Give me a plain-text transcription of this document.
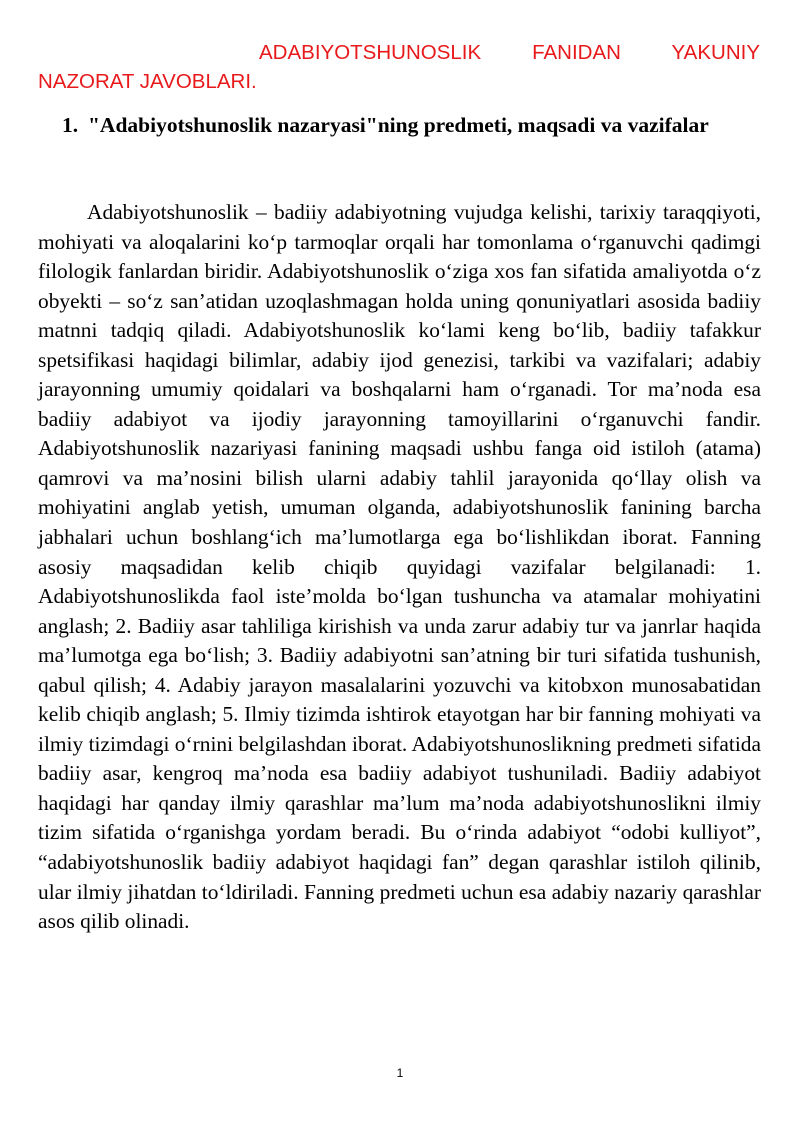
ADABIYOTSHUNOSLIK FANIDAN YAKUNIY NAZORAT JAVOBLARI.

1. "Adabiyotshunoslik nazaryasi"ning predmeti, maqsadi va vazifalar

Adabiyotshunoslik – badiiy adabiyotning vujudga kelishi, tarixiy taraqqiyoti, mohiyati va aloqalarini ko‘p tarmoqlar orqali har tomonlama o‘rganuvchi qadimgi filologik fanlardan biridir. Adabiyotshunoslik o‘ziga xos fan sifatida amaliyotda o‘z obyekti – so‘z san’atidan uzoqlashmagan holda uning qonuniyatlari asosida badiiy matnni tadqiq qiladi. Adabiyotshunoslik ko‘lami keng bo‘lib, badiiy tafakkur spetsifikasi haqidagi bilimlar, adabiy ijod genezisi, tarkibi va vazifalari; adabiy jarayonning umumiy qoidalari va boshqalarni ham o‘rganadi. Tor ma’noda esa badiiy adabiyot va ijodiy jarayonning tamoyillarini o‘rganuvchi fandir. Adabiyotshunoslik nazariyasi fanining maqsadi ushbu fanga oid istiloh (atama) qamrovi va ma’nosini bilish ularni adabiy tahlil jarayonida qo‘llay olish va mohiyatini anglab yetish, umuman olganda, adabiyotshunoslik fanining barcha jabhalari uchun boshlang‘ich ma’lumotlarga ega bo‘lishlikdan iborat. Fanning asosiy maqsadidan kelib chiqib quyidagi vazifalar belgilanadi: 1. Adabiyotshunoslikda faol iste’molda bo‘lgan tushuncha va atamalar mohiyatini anglash; 2. Badiiy asar tahliliga kirishish va unda zarur adabiy tur va janrlar haqida ma’lumotga ega bo‘lish; 3. Badiiy adabiyotni san’atning bir turi sifatida tushunish, qabul qilish; 4. Adabiy jarayon masalalarini yozuvchi va kitobxon munosabatidan kelib chiqib anglash; 5. Ilmiy tizimda ishtirok etayotgan har bir fanning mohiyati va ilmiy tizimdagi o‘rnini belgilashdan iborat. Adabiyotshunoslikning predmeti sifatida badiiy asar, kengroq ma’noda esa badiiy adabiyot tushuniladi. Badiiy adabiyot haqidagi har qanday ilmiy qarashlar ma’lum ma’noda adabiyotshunoslikni ilmiy tizim sifatida o‘rganishga yordam beradi. Bu o‘rinda adabiyot “odobi kulliyot”, “adabiyotshunoslik badiiy adabiyot haqidagi fan” degan qarashlar istiloh qilinib, ular ilmiy jihatdan to‘ldiriladi. Fanning predmeti uchun esa adabiy nazariy qarashlar asos qilib olinadi.

1
